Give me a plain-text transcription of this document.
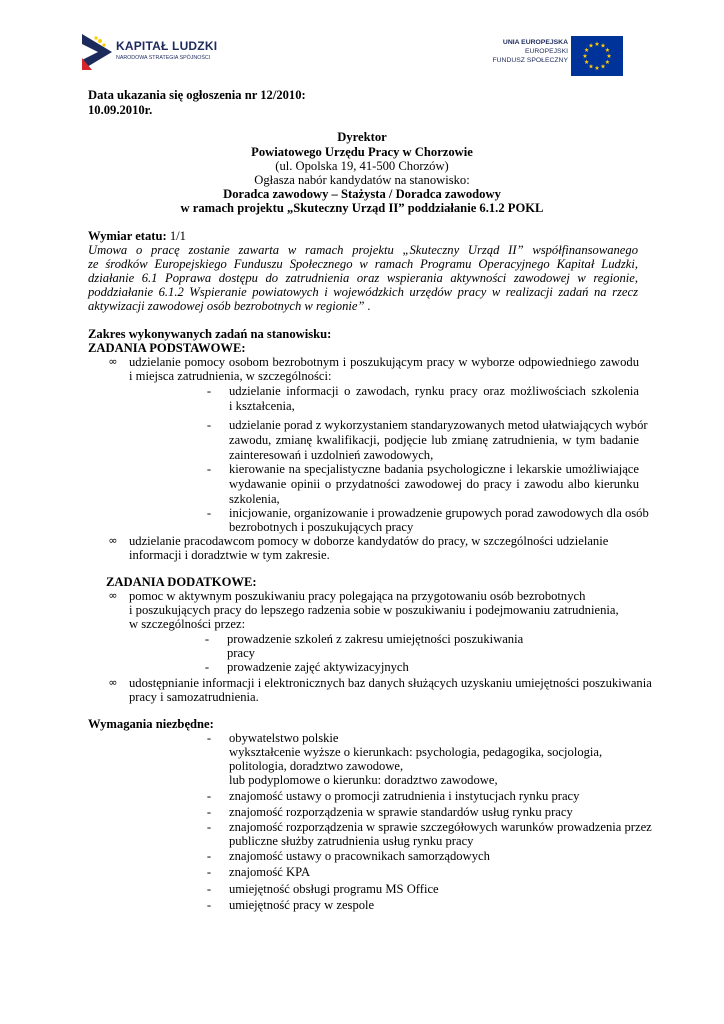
KAPITAŁ LUDZKI
NARODOWA STRATEGIA SPÓJNOŚCI
UNIA EUROPEJSKA
EUROPEJSKI
FUNDUSZ SPOŁECZNY
Data ukazania się ogłoszenia nr 12/2010:
10.09.2010r.
Dyrektor
Powiatowego Urzędu Pracy w Chorzowie
(ul. Opolska 19, 41-500 Chorzów)
Ogłasza nabór kandydatów na stanowisko:
Doradca zawodowy – Stażysta / Doradca zawodowy
w ramach projektu „Skuteczny Urząd II” poddziałanie 6.1.2 POKL
Wymiar etatu: 1/1
Umowa o pracę zostanie zawarta w ramach projektu „Skuteczny Urząd II” współfinansowanego
ze środków Europejskiego Funduszu Społecznego w ramach Programu Operacyjnego Kapitał Ludzki,
działanie 6.1 Poprawa dostępu do zatrudnienia oraz wspierania aktywności zawodowej w regionie,
poddziałanie 6.1.2 Wspieranie powiatowych i wojewódzkich urzędów pracy w realizacji zadań na rzecz
aktywizacji zawodowej osób bezrobotnych w regionie” .
Zakres wykonywanych zadań na stanowisku:
ZADANIA PODSTAWOWE:
∞ udzielanie pomocy osobom bezrobotnym i poszukującym pracy w wyborze odpowiedniego zawodu
i miejsca zatrudnienia, w szczególności:
-	udzielanie informacji o zawodach, rynku pracy oraz możliwościach szkolenia
i kształcenia,
-	udzielanie porad z wykorzystaniem standaryzowanych metod ułatwiających wybór
zawodu, zmianę kwalifikacji, podjęcie lub zmianę zatrudnienia, w tym badanie
zainteresowań i uzdolnień zawodowych,
-	kierowanie na specjalistyczne badania psychologiczne i lekarskie umożliwiające
wydawanie opinii o przydatności zawodowej do pracy i zawodu albo kierunku
szkolenia,
-	inicjowanie, organizowanie i prowadzenie grupowych porad zawodowych dla osób
bezrobotnych i poszukujących pracy
∞ udzielanie pracodawcom pomocy w doborze kandydatów do pracy, w szczególności udzielanie
informacji i doradztwie w tym zakresie.
ZADANIA DODATKOWE:
∞ pomoc w aktywnym poszukiwaniu pracy polegająca na przygotowaniu osób bezrobotnych
i poszukujących pracy do lepszego radzenia sobie w poszukiwaniu i podejmowaniu zatrudnienia,
w szczególności przez:
-	prowadzenie szkoleń z zakresu umiejętności poszukiwania
pracy
-	prowadzenie zajęć aktywizacyjnych
∞ udostępnianie informacji i elektronicznych baz danych służących uzyskaniu umiejętności poszukiwania
pracy i samozatrudnienia.
Wymagania niezbędne:
-	obywatelstwo polskie
wykształcenie wyższe o kierunkach: psychologia, pedagogika, socjologia,
politologia, doradztwo zawodowe,
lub podyplomowe o kierunku: doradztwo zawodowe,
-	znajomość ustawy o promocji zatrudnienia i instytucjach rynku pracy
-	znajomość rozporządzenia w sprawie standardów usług rynku pracy
-	znajomość rozporządzenia w sprawie szczegółowych warunków prowadzenia przez
publiczne służby zatrudnienia usług rynku pracy
-	znajomość ustawy o pracownikach samorządowych
-	znajomość KPA
-	umiejętność obsługi programu MS Office
-	umiejętność pracy w zespole
